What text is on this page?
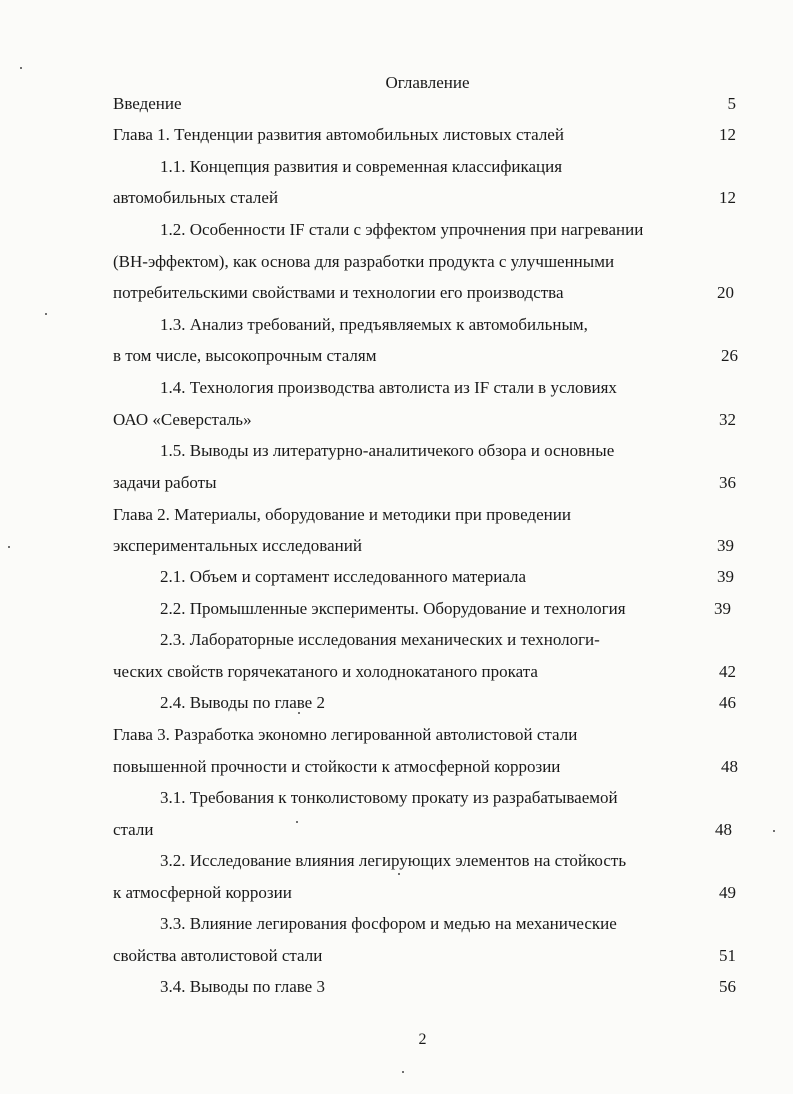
Оглавление
Введение	5
Глава 1. Тенденции развития автомобильных листовых сталей	12
1.1. Концепция развития и современная классификация
автомобильных сталей	12
1.2. Особенности IF стали с эффектом упрочнения при нагревании
(ВН-эффектом), как основа для разработки продукта с улучшенными
потребительскими свойствами и технологии его производства	20
1.3. Анализ требований, предъявляемых к автомобильным,
в том числе, высокопрочным сталям	26
1.4. Технология производства автолиста из IF стали в условиях
ОАО «Северсталь»	32
1.5. Выводы из литературно-аналитичекого обзора и основные
задачи работы	36
Глава 2. Материалы, оборудование и методики при проведении
экспериментальных исследований	39
2.1. Объем и сортамент исследованного материала	39
2.2. Промышленные эксперименты. Оборудование и технология	39
2.3. Лабораторные исследования механических и технологи-
ческих свойств горячекатаного и холоднокатаного проката	42
2.4. Выводы по главе 2	46
Глава 3. Разработка экономно легированной автолистовой стали
повышенной прочности и стойкости к атмосферной коррозии	48
3.1. Требования к тонколистовому прокату из разрабатываемой
стали	48
3.2. Исследование влияния легирующих элементов на стойкость
к атмосферной коррозии	49
3.3. Влияние легирования фосфором и медью на механические
свойства автолистовой стали	51
3.4. Выводы по главе 3	56
2
